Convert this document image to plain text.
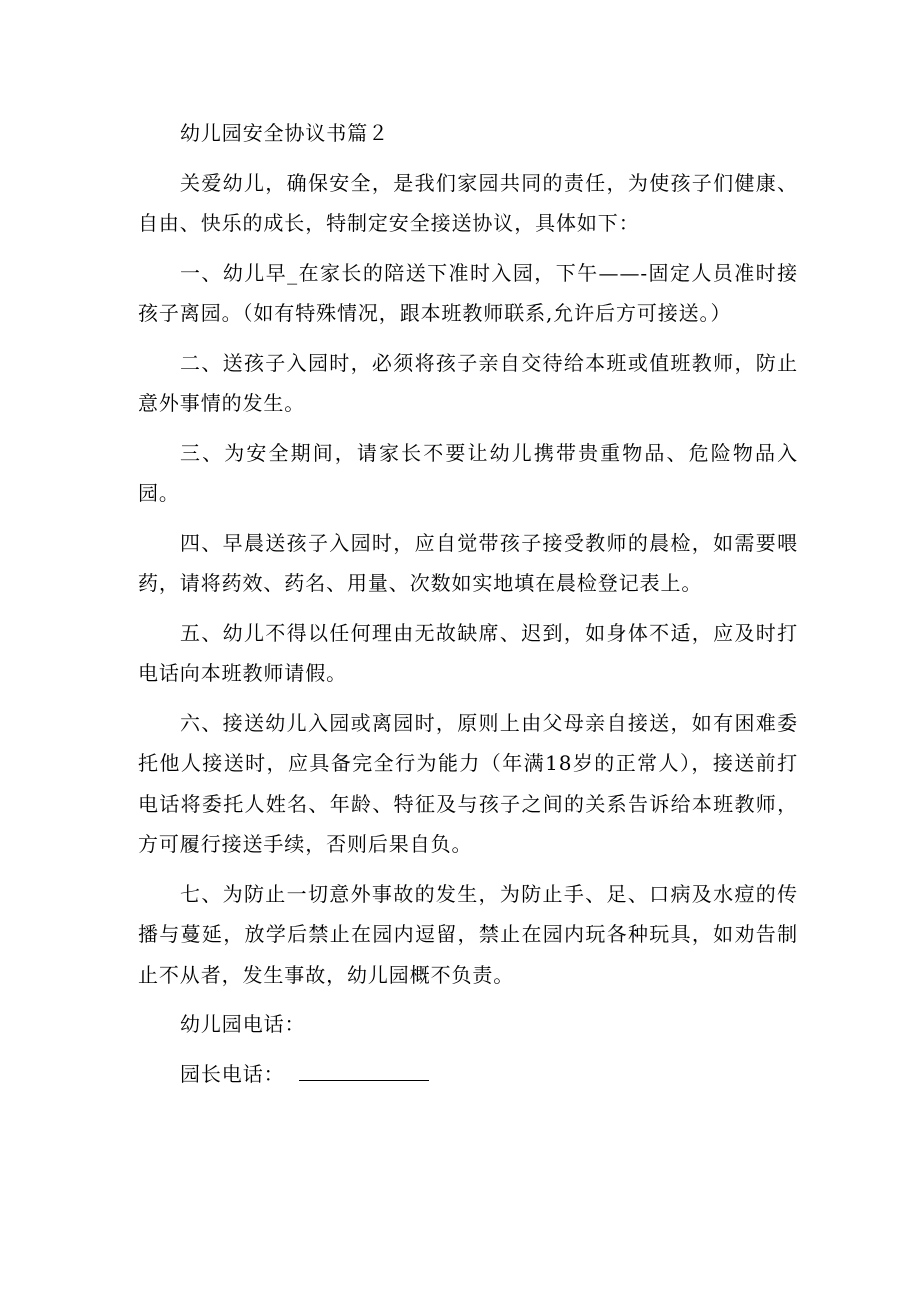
幼儿园安全协议书篇２

关爱幼儿，确保安全，是我们家园共同的责任，为使孩子们健康、自由、快乐的成长，特制定安全接送协议，具体如下：

一、幼儿早_在家长的陪送下准时入园，下午——-固定人员准时接孩子离园。（如有特殊情况，跟本班教师联系,允许后方可接送。）

二、送孩子入园时，必须将孩子亲自交待给本班或值班教师，防止意外事情的发生。

三、为安全期间，请家长不要让幼儿携带贵重物品、危险物品入园。

四、早晨送孩子入园时，应自觉带孩子接受教师的晨检，如需要喂药，请将药效、药名、用量、次数如实地填在晨检登记表上。

五、幼儿不得以任何理由无故缺席、迟到，如身体不适，应及时打电话向本班教师请假。

六、接送幼儿入园或离园时，原则上由父母亲自接送，如有困难委托他人接送时，应具备完全行为能力（年满18岁的正常人），接送前打电话将委托人姓名、年龄、特征及与孩子之间的关系告诉给本班教师，方可履行接送手续，否则后果自负。

七、为防止一切意外事故的发生，为防止手、足、口病及水痘的传播与蔓延，放学后禁止在园内逗留，禁止在园内玩各种玩具，如劝告制止不从者，发生事故，幼儿园概不负责。

幼儿园电话：

园长电话：
